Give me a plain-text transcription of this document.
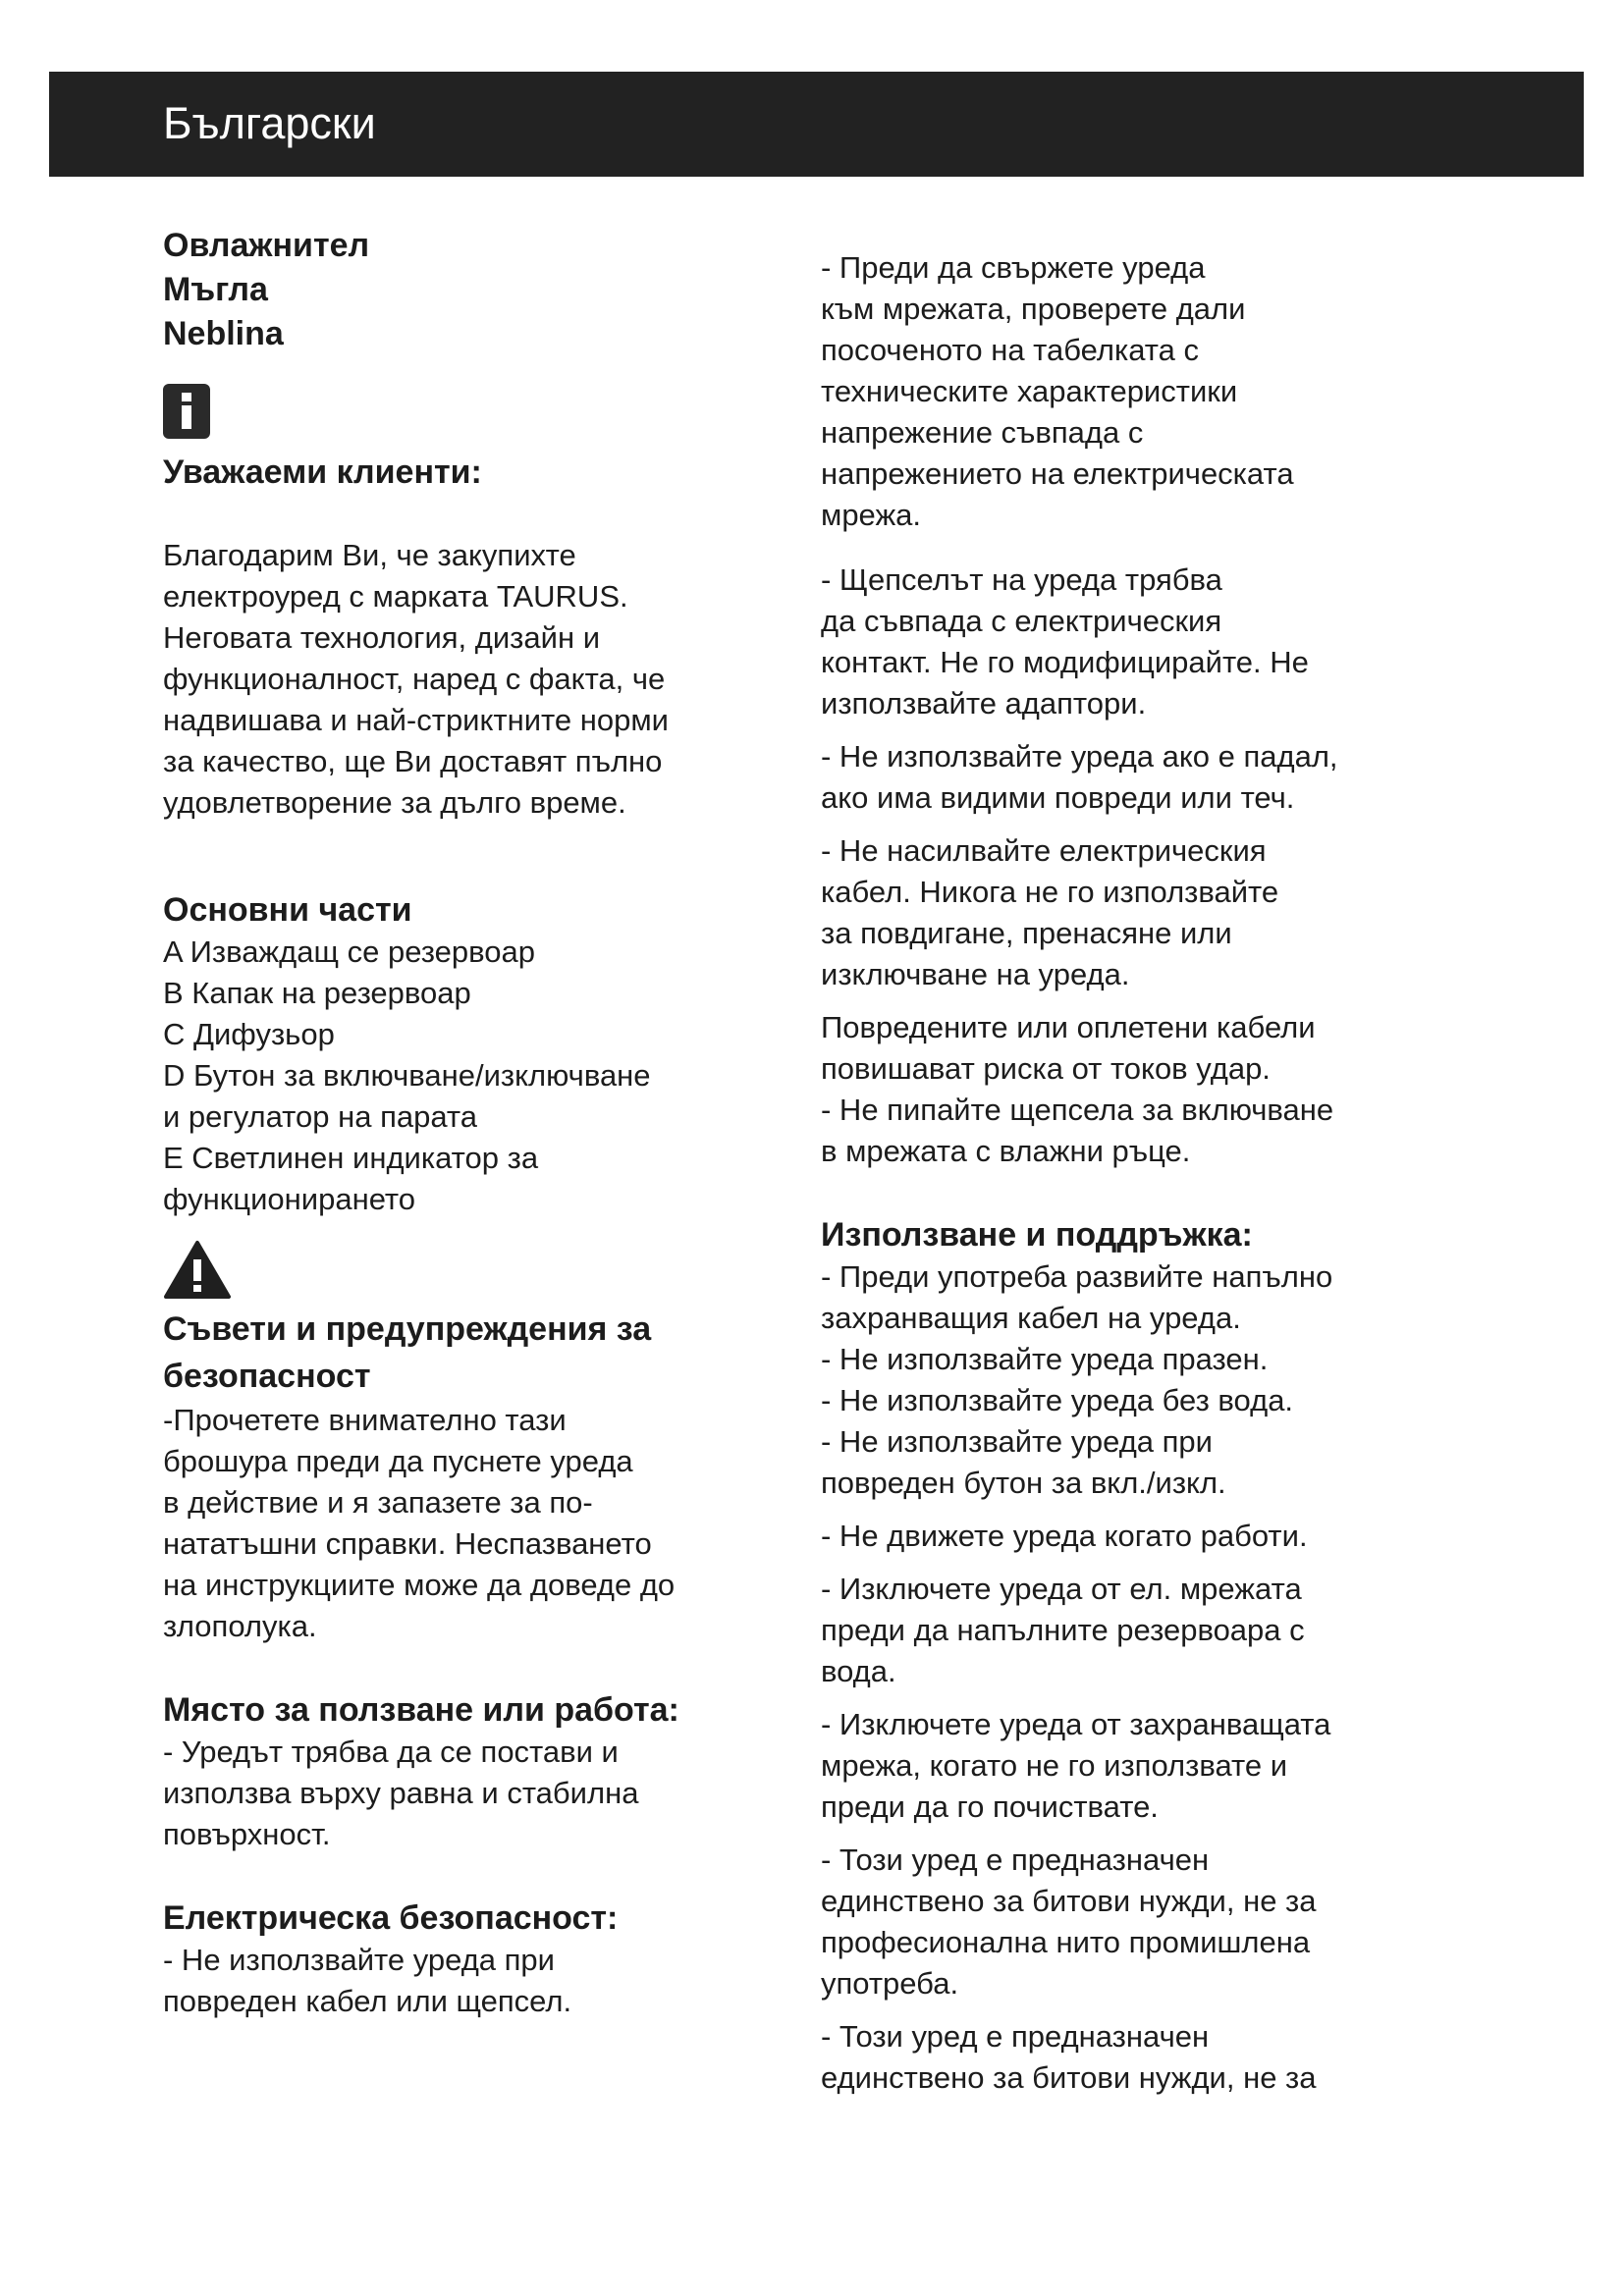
Български
Овлажнител
Мъгла
Neblina
Уважаеми клиенти:

Благодарим Ви, че закупихте
електроуред с марката TAURUS.
Неговата технология, дизайн и
функционалност, наред с факта, че
надвишава и най-стриктните норми
за качество, ще Ви доставят пълно
удовлетворение за дълго време.

Основни части

A Изваждащ се резервоар

B Капак на резервоар

C Дифузьор

D Бутон за включване/изключване
и регулатор на парата

E Светлинен индикатор за
функционирането

Съвети и предупреждения за
безопасност

-Прочетете внимателно тази
брошура преди да пуснете уреда
в действие и я запазете за по-
нататъшни справки. Неспазването
на инструкциите може да доведе до
злополука.

Място за ползване или работа:

- Уредът трябва да се постави и
използва върху равна и стабилна
повърхност.

Електрическа безопасност:

- Не използвайте уреда при
повреден кабел или щепсел.

- Преди да свържете уреда
към мрежата, проверете дали
посоченото на табелката с
техническите характеристики
напрежение съвпада с
напрежението на електрическата
мрежа.

- Щепселът на уреда трябва
да съвпада с електрическия
контакт. Не го модифицирайте. Не
използвайте адаптори.

- Не използвайте уреда ако е падал,
ако има видими повреди или теч.

- Не насилвайте електрическия
кабел. Никога не го използвайте
за повдигане, пренасяне или
изключване на уреда.

Повредените или оплетени кабели
повишават риска от токов удар.

- Не пипайте щепсела за включване
в мрежата с влажни ръце.

Използване и поддръжка:

- Преди употреба развийте напълно
захранващия кабел на уреда.

- Не използвайте уреда празен.

- Не използвайте уреда без вода.

- Не използвайте уреда при
повреден бутон за вкл./изкл.

- Не движете уреда когато работи.

- Изключете уреда от ел. мрежата
преди да напълните резервоара с
вода.

- Изключете уреда от захранващата
мрежа, когато не го използвате и
преди да го почиствате.

- Този уред е предназначен
единствено за битови нужди, не за
професионална нито промишлена
употреба.

- Този уред е предназначен
единствено за битови нужди, не за
